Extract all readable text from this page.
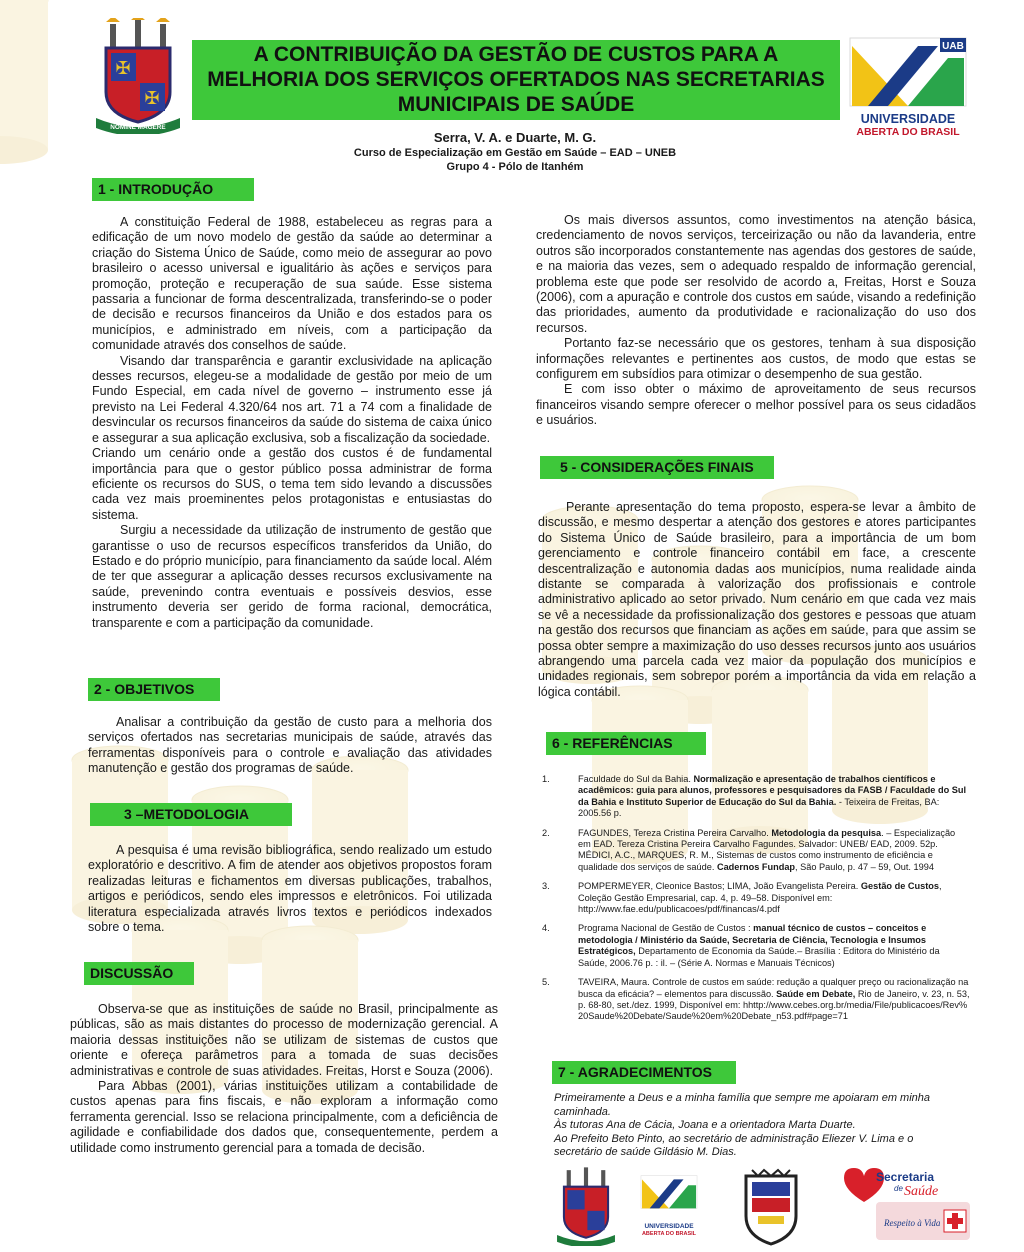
✠
✠
NOMINE MAGERE
A CONTRIBUIÇÃO DA GESTÃO DE CUSTOS PARA A
MELHORIA DOS SERVIÇOS OFERTADOS NAS SECRETARIAS
MUNICIPAIS DE SAÚDE
UAB
UNIVERSIDADE
ABERTA DO BRASIL
Serra, V. A. e Duarte, M. G.
Curso de Especialização em Gestão em Saúde – EAD – UNEB
Grupo 4 - Pólo de Itanhém
1 - INTRODUÇÃO

A constituição Federal de 1988, estabeleceu as regras para a edificação de um novo modelo de gestão da saúde ao determinar a criação do Sistema Único de Saúde, como meio de assegurar ao povo brasileiro o acesso universal e igualitário às ações e serviços para promoção, proteção e recuperação de sua saúde. Esse sistema passaria a funcionar de forma descentralizada, transferindo-se o poder de decisão e recursos financeiros da União e dos estados para os municípios, e administrado em níveis, com a participação da comunidade através dos conselhos de saúde.

Visando dar transparência e garantir exclusividade na aplicação desses recursos, elegeu-se a modalidade de gestão por meio de um Fundo Especial, em cada nível de governo – instrumento esse já previsto na Lei Federal 4.320/64 nos art. 71 a 74 com a finalidade de desvincular os recursos financeiros da saúde do sistema de caixa único e assegurar a sua aplicação exclusiva, sob a fiscalização da sociedade.

Criando um cenário onde a gestão dos custos é de fundamental importância para que o gestor público possa administrar de forma eficiente os recursos do SUS, o tema tem sido levando a discussões cada vez mais proeminentes pelos protagonistas e entusiastas do sistema.

Surgiu a necessidade da utilização de instrumento de gestão que garantisse o uso de recursos específicos transferidos da União, do Estado e do próprio município, para financiamento da saúde local. Além de ter que assegurar a aplicação desses recursos exclusivamente na saúde, prevenindo contra eventuais e possíveis desvios, esse instrumento deveria ser gerido de forma racional, democrática, transparente e com a participação da comunidade.

2 - OBJETIVOS

Analisar a contribuição da gestão de custo para a melhoria dos serviços ofertados nas secretarias municipais de saúde, através das ferramentas disponíveis para o controle e avaliação das atividades manutenção e gestão dos programas de saúde.

3 –METODOLOGIA

A pesquisa é uma revisão bibliográfica, sendo realizado um estudo exploratório e descritivo. A fim de atender aos objetivos propostos foram realizadas leituras e fichamentos em diversas publicações, trabalhos, artigos e periódicos, sendo eles impressos e eletrônicos. Foi utilizada literatura especializada através livros textos e periódicos indexados sobre o tema.

DISCUSSÃO

Observa-se que as instituições de saúde no Brasil, principalmente as públicas, são as mais distantes do processo de modernização gerencial. A maioria dessas instituições não se utilizam de sistemas de custos que oriente e ofereça parâmetros para a tomada de suas decisões administrativas e controle de suas atividades. Freitas, Horst e Souza (2006).

Para Abbas (2001), várias instituições utilizam a contabilidade de custos apenas para fins fiscais, e não exploram a informação como ferramenta gerencial. Isso se relaciona principalmente, com a deficiência de agilidade e confiabilidade dos dados que, consequentemente, perdem a utilidade como instrumento gerencial para a tomada de decisão.

Os mais diversos assuntos, como investimentos na atenção básica, credenciamento de novos serviços, terceirização ou não da lavanderia, entre outros são incorporados constantemente nas agendas dos gestores de saúde, e na maioria das vezes, sem o adequado respaldo de informação gerencial, problema este que pode ser resolvido de acordo a, Freitas, Horst e Souza (2006), com a apuração e controle dos custos em saúde, visando a redefinição das prioridades, aumento da produtividade e racionalização do uso dos recursos.

Portanto faz-se necessário que os gestores, tenham à sua disposição informações relevantes e pertinentes aos custos, de modo que estas se configurem em subsídios para otimizar o desempenho de sua gestão.

E com isso obter o máximo de aproveitamento de seus recursos financeiros visando sempre oferecer o melhor possível para os seus cidadãos e usuários.

5 - CONSIDERAÇÕES FINAIS

Perante apresentação do tema proposto, espera-se levar a âmbito de discussão, e mesmo despertar a atenção dos gestores e atores participantes do Sistema Único de Saúde brasileiro, para a importância de um bom gerenciamento e controle financeiro contábil em face, a crescente descentralização e autonomia dadas aos municípios, numa realidade ainda distante se comparada à valorização dos profissionais e controle administrativo aplicado ao setor privado. Num cenário em que cada vez mais se vê a necessidade da profissionalização dos gestores e pessoas que atuam na gestão dos recursos que financiam as ações em saúde, para que assim se possa obter sempre a maximização do uso desses recursos junto aos usuários abrangendo uma parcela cada vez maior da população dos municípios e unidades regionais, sem sobrepor porém a importância da vida em relação a lógica contábil.

6 - REFERÊNCIAS
1.	Faculdade do Sul da Bahia. Normalização e apresentação de trabalhos científicos e acadêmicos: guia para alunos, professores e pesquisadores da FASB / Faculdade do Sul da Bahia e Instituto Superior de Educação do Sul da Bahia. - Teixeira de Freitas, BA: 2005.56 p.
2.	FAGUNDES, Tereza Cristina Pereira Carvalho. Metodologia da pesquisa. – Especialização em EAD. Tereza Cristina Pereira Carvalho Fagundes. Salvador: UNEB/ EAD, 2009. 52p. MÉDICI, A.C., MARQUES, R. M., Sistemas de custos como instrumento de eficiência e qualidade dos serviços de saúde. Cadernos Fundap, São Paulo, p. 47 – 59, Out. 1994
3.	POMPERMEYER, Cleonice Bastos; LIMA, João Evangelista Pereira. Gestão de Custos, Coleção Gestão Empresarial, cap. 4, p. 49–58. Disponível em: http://www.fae.edu/publicacoes/pdf/financas/4.pdf
4.	Programa Nacional de Gestão de Custos : manual técnico de custos – conceitos e metodologia / Ministério da Saúde, Secretaria de Ciência, Tecnologia e Insumos Estratégicos, Departamento de Economia da Saúde.– Brasília : Editora do Ministério da Saúde, 2006.76 p. : il. – (Série A. Normas e Manuais Técnicos)
5.	TAVEIRA, Maura. Controle de custos em saúde: redução a qualquer preço ou racionalização na busca da eficácia? – elementos para discussão. Saúde em Debate, Rio de Janeiro, v. 23, n. 53, p. 68-80, set./dez. 1999, Disponível em: hhttp://www.cebes.org.br/media/File/publicacoes/Rev%20Saude%20Debate/Saude%20em%20Debate_n53.pdf#page=71
7 - AGRADECIMENTOS
Primeiramente a Deus e a minha família que sempre me apoiaram em minha caminhada.
Às tutoras Ana de Cácia, Joana e a orientadora Marta Duarte.
Ao Prefeito Beto Pinto, ao secretário de administração Eliezer V. Lima e o secretário de saúde Gildásio M. Dias.
UNIVERSIDADE
ABERTA DO BRASIL
Secretaria
de Saúde
Respeito à Vida
